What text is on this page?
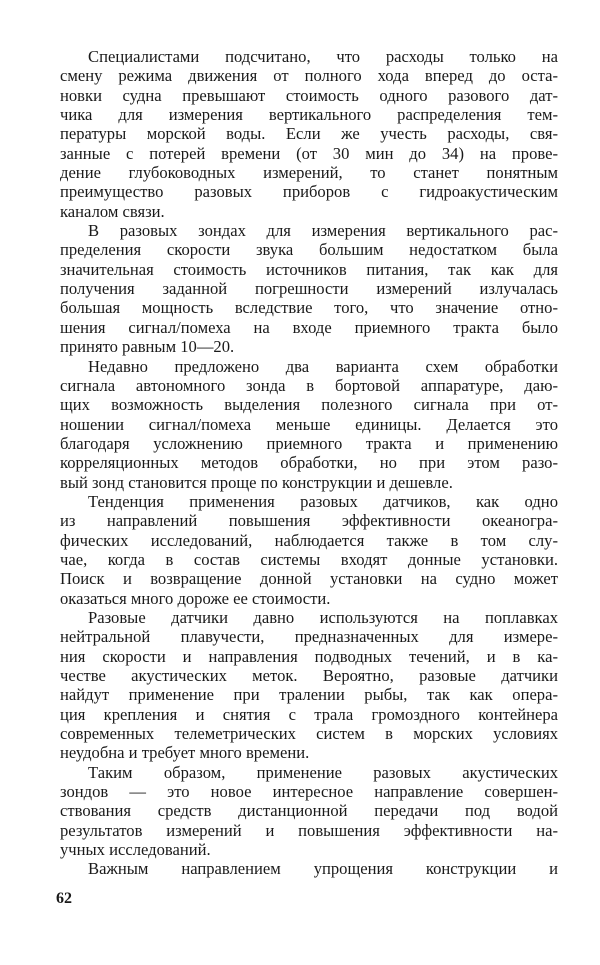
Специалистами подсчитано, что расходы только на
смену режима движения от полного хода вперед до оста-
новки судна превышают стоимость одного разового дат-
чика для измерения вертикального распределения тем-
пературы морской воды. Если же учесть расходы, свя-
занные с потерей времени (от 30 мин до 34) на прове-
дение глубоководных измерений, то станет понятным
преимущество разовых приборов с гидроакустическим
каналом связи.
В разовых зондах для измерения вертикального рас-
пределения скорости звука большим недостатком была
значительная стоимость источников питания, так как для
получения заданной погрешности измерений излучалась
большая мощность вследствие того, что значение отно-
шения сигнал/помеха на входе приемного тракта было
принято равным 10—20.
Недавно предложено два варианта схем обработки
сигнала автономного зонда в бортовой аппаратуре, даю-
щих возможность выделения полезного сигнала при от-
ношении сигнал/помеха меньше единицы. Делается это
благодаря усложнению приемного тракта и применению
корреляционных методов обработки, но при этом разо-
вый зонд становится проще по конструкции и дешевле.
Тенденция применения разовых датчиков, как одно
из направлений повышения эффективности океаногра-
фических исследований, наблюдается также в том слу-
чае, когда в состав системы входят донные установки.
Поиск и возвращение донной установки на судно может
оказаться много дороже ее стоимости.
Разовые датчики давно используются на поплавках
нейтральной плавучести, предназначенных для измере-
ния скорости и направления подводных течений, и в ка-
честве акустических меток. Вероятно, разовые датчики
найдут применение при тралении рыбы, так как опера-
ция крепления и снятия с трала громоздного контейнера
современных телеметрических систем в морских условиях
неудобна и требует много времени.
Таким образом, применение разовых акустических
зондов — это новое интересное направление совершен-
ствования средств дистанционной передачи под водой
результатов измерений и повышения эффективности на-
учных исследований.
Важным направлением упрощения конструкции и
62
